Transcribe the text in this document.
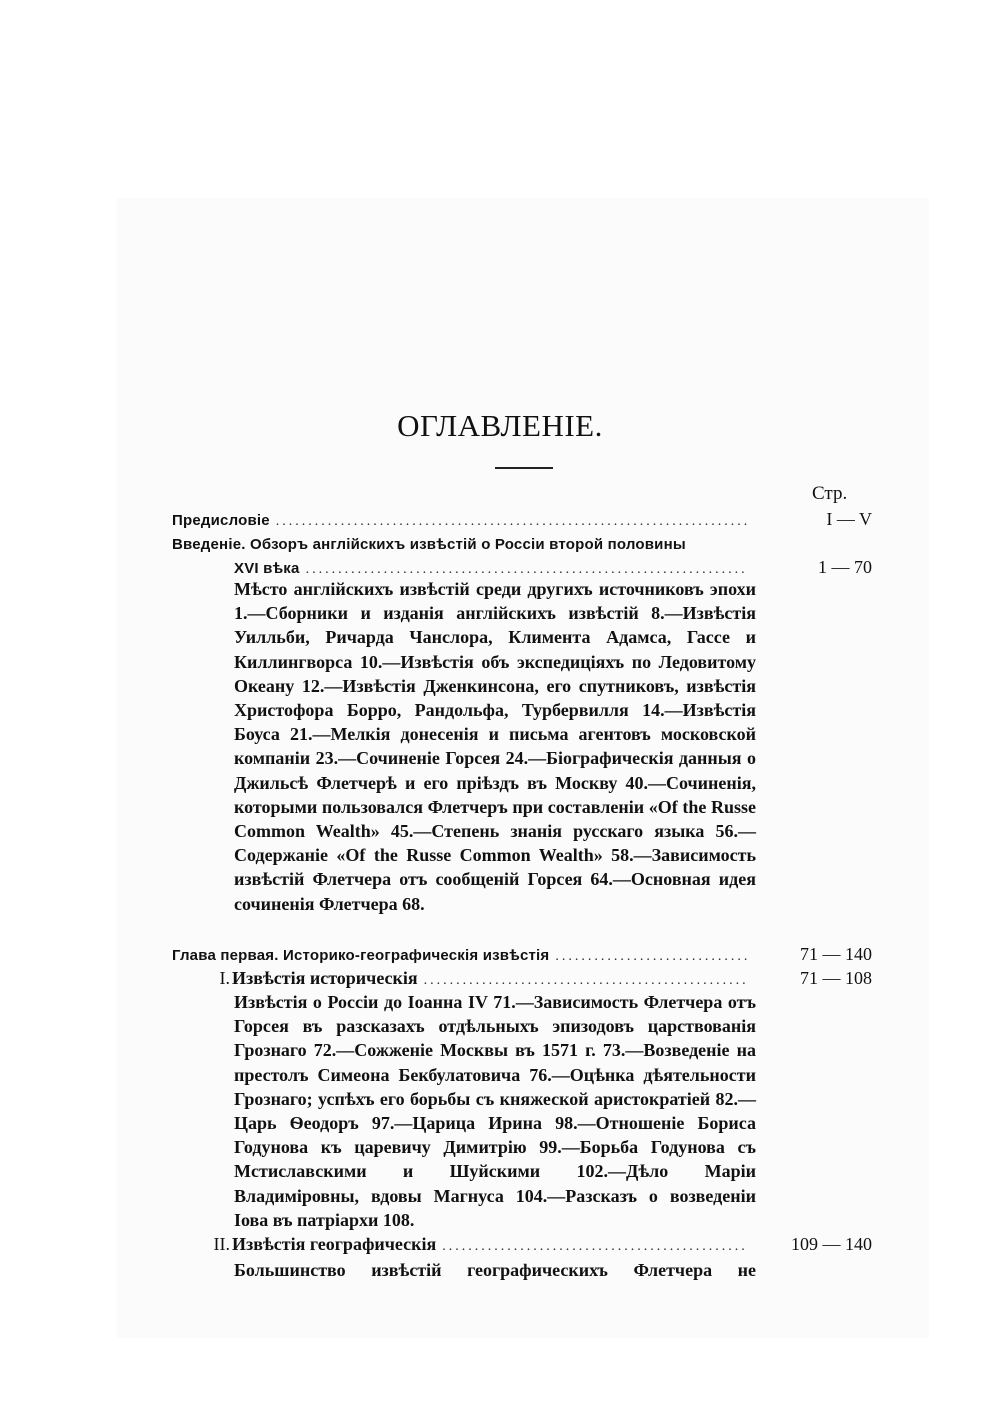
ОГЛАВЛЕНІЕ.
Стр.
Предисловіе .....	I — V
Введеніе. Обзоръ англійскихъ извѣстій о Россіи второй половины
XVI вѣка .....	1 — 70
Мѣсто англійскихъ извѣстій среди другихъ источниковъ эпохи 1.—Сборники и изданія англійскихъ извѣстій 8.—Извѣстія Уилльби, Ричарда Чанслора, Климента Адамса, Гассе и Киллингворса 10.—Извѣстія объ экспедиціяхъ по Ледовитому Океану 12.—Извѣстія Дженкинсона, его спутниковъ, извѣстія Христофора Борро, Рандольфа, Турбервилля 14.—Извѣстія Боуса 21.—Мелкія донесенія и письма агентовъ московской компаніи 23.—Сочиненіе Горсея 24.—Біографическія данныя о Джильсѣ Флетчерѣ и его пріѣздъ въ Москву 40.—Сочиненія, которыми пользовался Флетчеръ при составленіи «Of the Russe Common Wealth» 45.—Степень знанія русскаго языка 56.—Содержаніе «Of the Russe Common Wealth» 58.—Зависимость извѣстій Флетчера отъ сообщеній Горсея 64.—Основная идея сочиненія Флетчера 68.
Глава первая. Историко-географическія извѣстія .....	71 — 140
I. Извѣстія историческія .....	71 — 108
Извѣстія о Россіи до Іоанна IV 71.—Зависимость Флетчера отъ Горсея въ разсказахъ отдѣльныхъ эпизодовъ царствованія Грознаго 72.—Сожженіе Москвы въ 1571 г. 73.—Возведеніе на престолъ Симеона Бекбулатовича 76.—Оцѣнка дѣятельности Грознаго; успѣхъ его борьбы съ княжеской аристократіей 82.—Царь Ѳеодоръ 97.—Царица Ирина 98.—Отношеніе Бориса Годунова къ царевичу Димитрію 99.—Борьба Годунова съ Мстиславскими и Шуйскими 102.—Дѣло Маріи Владиміровны, вдовы Магнуса 104.—Разсказъ о возведеніи Іова въ патріархи 108.
II. Извѣстія географическія .....	109 — 140
Большинство извѣстій географическихъ Флетчера не
